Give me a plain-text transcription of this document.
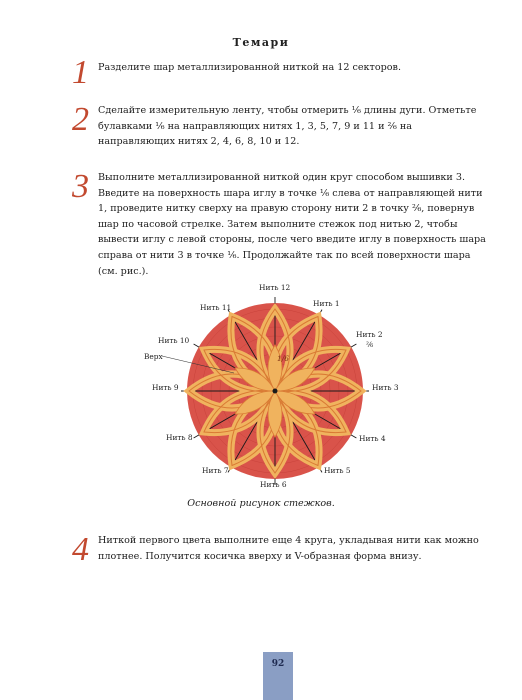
Темари
1 Разделите шар металлизированной ниткой на 12 секторов.
2 Сделайте измерительную ленту, чтобы отмерить ¹⁄₆ длины дуги. Отметьте булавками ¹⁄₆ на направляющих нитях 1, 3, 5, 7, 9 и 11 и ²⁄₆ на направляющих нитях 2, 4, 6, 8, 10 и 12.
3 Выполните металлизированной ниткой один круг способом вышивки 3. Введите на поверхность шара иглу в точке ¹⁄₆ слева от направляющей нити 1, проведите нитку сверху на правую сторону нити 2 в точку ²⁄₆, повернув шар по часовой стрелке. Затем выполните стежок под нитью 2, чтобы вывести иглу с левой стороны, после чего введите иглу в поверхность шара справа от нити 3 в точке ¹⁄₆. Продолжайте так по всей поверхности шара (см. рис.).
Нить 12
Нить 1
Нить 2
²⁄₆
Нить 3
Нить 4
Нить 5
Нить 6
Нить 7
Нить 8
Нить 9
Нить 10
Нить 11
Верх	1/6
Основной рисунок стежков.
4 Ниткой первого цвета выполните еще 4 круга, укладывая нити как можно плотнее. Получится косичка вверху и V-образная форма внизу.
92
